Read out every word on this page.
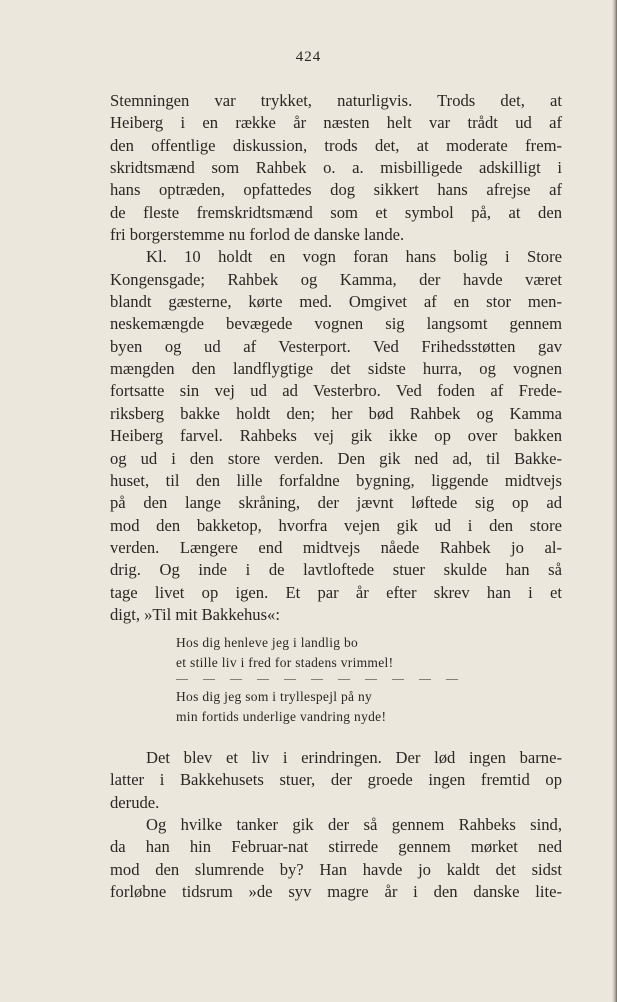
424
Stemningen var trykket, naturligvis. Trods det, at
Heiberg i en række år næsten helt var trådt ud af
den offentlige diskussion, trods det, at moderate frem-
skridtsmænd som Rahbek o. a. misbilligede adskilligt i
hans optræden, opfattedes dog sikkert hans afrejse af
de fleste fremskridtsmænd som et symbol på, at den
fri borgerstemme nu forlod de danske lande.
Kl. 10 holdt en vogn foran hans bolig i Store
Kongensgade; Rahbek og Kamma, der havde været
blandt gæsterne, kørte med. Omgivet af en stor men-
neskemængde bevægede vognen sig langsomt gennem
byen og ud af Vesterport. Ved Frihedsstøtten gav
mængden den landflygtige det sidste hurra, og vognen
fortsatte sin vej ud ad Vesterbro. Ved foden af Frede-
riksberg bakke holdt den; her bød Rahbek og Kamma
Heiberg farvel. Rahbeks vej gik ikke op over bakken
og ud i den store verden. Den gik ned ad, til Bakke-
huset, til den lille forfaldne bygning, liggende midtvejs
på den lange skråning, der jævnt løftede sig op ad
mod den bakketop, hvorfra vejen gik ud i den store
verden. Længere end midtvejs nåede Rahbek jo al-
drig. Og inde i de lavtloftede stuer skulde han så
tage livet op igen. Et par år efter skrev han i et
digt, »Til mit Bakkehus«:
Hos dig henleve jeg i landlig bo
et stille liv i fred for stadens vrimmel!
— — — — — — — — — — —
Hos dig jeg som i tryllespejl på ny
min fortids underlige vandring nyde!
Det blev et liv i erindringen. Der lød ingen barne-
latter i Bakkehusets stuer, der groede ingen fremtid op
derude.
Og hvilke tanker gik der så gennem Rahbeks sind,
da han hin Februar-nat stirrede gennem mørket ned
mod den slumrende by? Han havde jo kaldt det sidst
forløbne tidsrum »de syv magre år i den danske lite-
